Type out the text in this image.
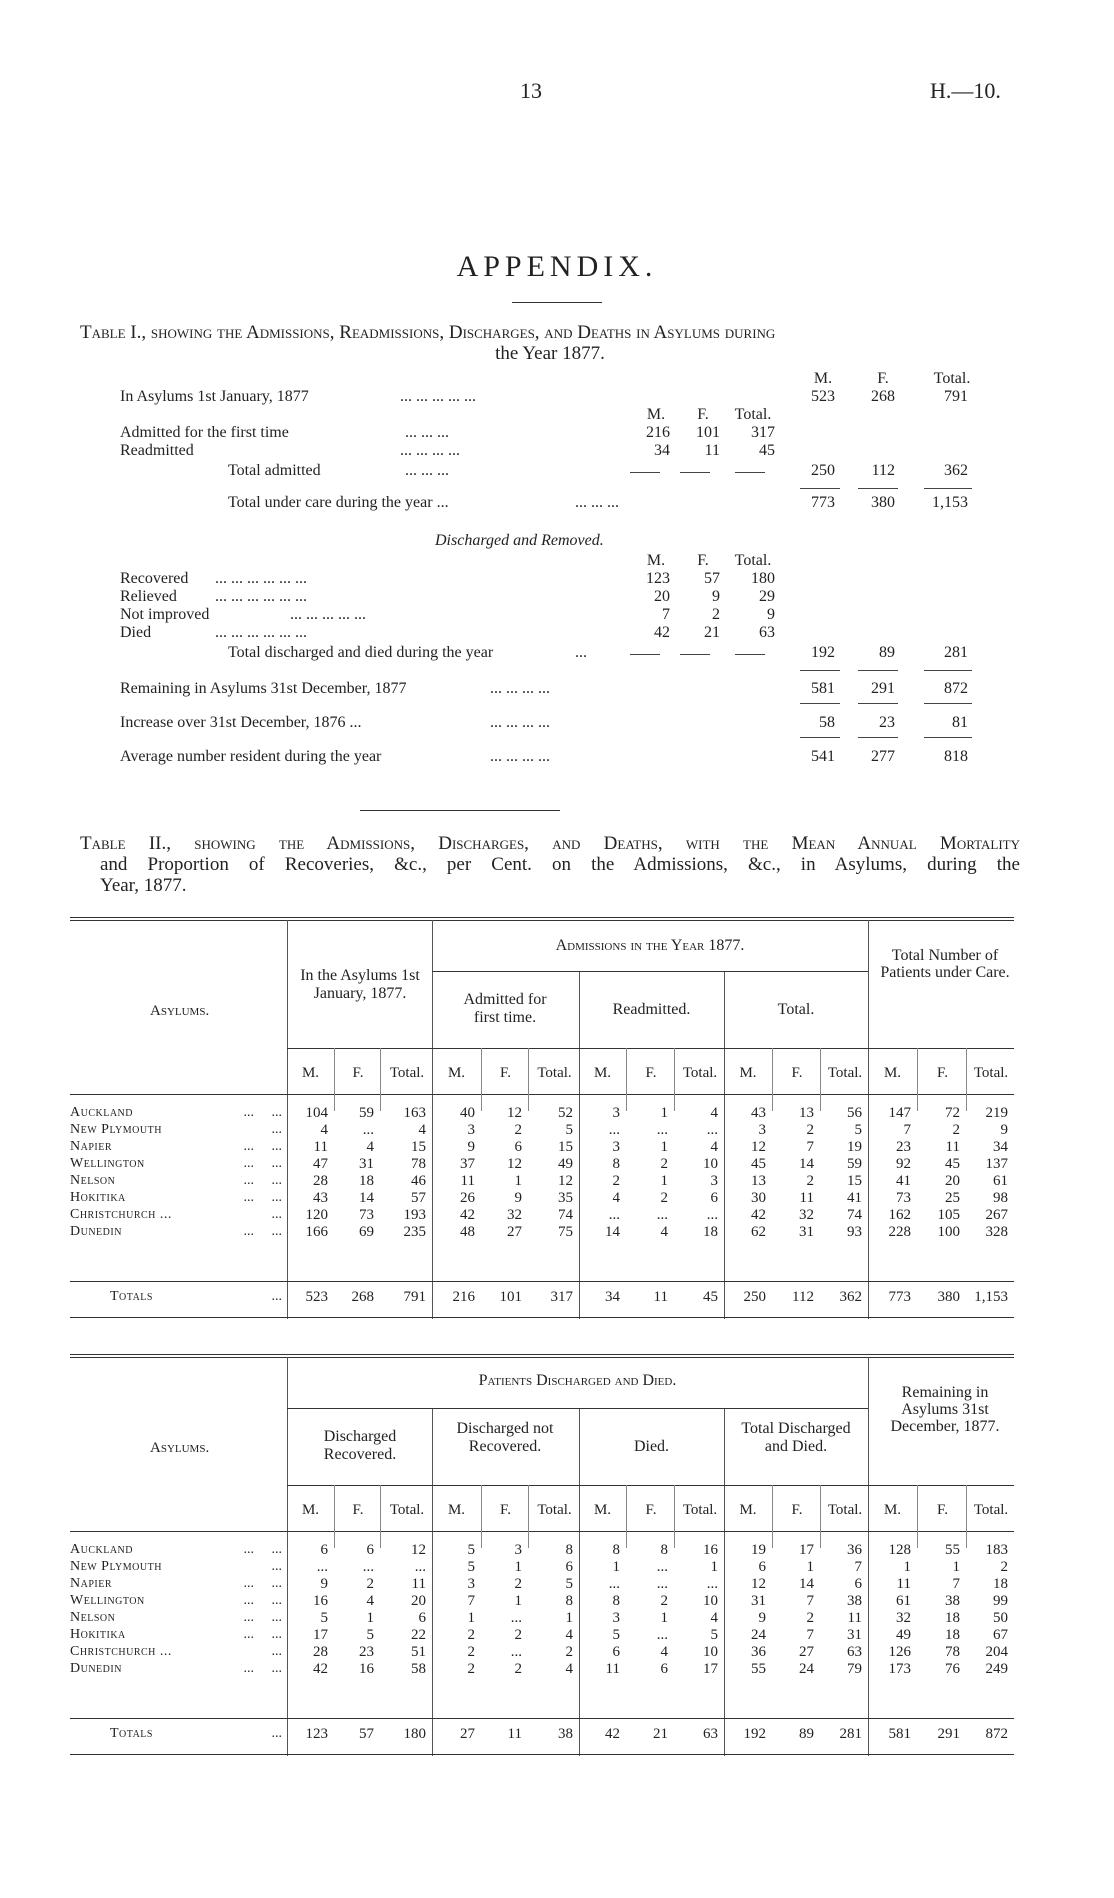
13	H.—10.
APPENDIX.
Table I., showing the Admissions, Readmissions, Discharges, and Deaths in Asylums during
the Year 1877.
M.	F.	Total.
In Asylums 1st January, 1877	... ... ... ... ...	523	268	791
M.	F.	Total.
Admitted for the first time	... ... ...	216	101	317
Readmitted	... ... ... ...	34	11	45
Total admitted	... ... ...	250	112	362
Total under care during the year ...	... ... ...	773	380	1,153
Discharged and Removed.
M.	F.	Total.
Recovered ... ... ... ... ... ...	123	57	180
Relieved ... ... ... ... ... ...	20	9	29
Not improved	... ... ... ... ...	7	2	9
Died	... ... ... ... ... ...	42	21	63
Total discharged and died during the year	...	192	89	281
Remaining in Asylums 31st December, 1877	... ... ... ...	581	291	872
Increase over 31st December, 1876 ...	... ... ... ...	58	23	81
Average number resident during the year	... ... ... ...	541	277	818
Table II., showing the Admissions, Discharges, and Deaths, with the Mean Annual Mortality
and Proportion of Recoveries, &c., per Cent. on the Admissions, &c., in Asylums, during the
Year, 1877.
Asylums.
In the Asylums 1st January, 1877.
Admissions in the Year 1877.
Admitted for first time.	Readmitted.	Total.
Total Number of Patients under Care.
M.	F.	Total.	M.	F.	Total.	M.	F.	Total.	M.	F.	Total.	M.	F.	Total.
Auckland	...     ...	104	59	163	40	12	52	3	1	4	43	13	56	147	72	219
New Plymouth	...	4	...	4	3	2	5	...	...	...	3	2	5	7	2	9
Napier	...     ...	11	4	15	9	6	15	3	1	4	12	7	19	23	11	34
Wellington	...     ...	47	31	78	37	12	49	8	2	10	45	14	59	92	45	137
Nelson	...     ...	28	18	46	11	1	12	2	1	3	13	2	15	41	20	61
Hokitika	...     ...	43	14	57	26	9	35	4	2	6	30	11	41	73	25	98
Christchurch ...	...	120	73	193	42	32	74	...	...	...	42	32	74	162	105	267
Dunedin	...     ...	166	69	235	48	27	75	14	4	18	62	31	93	228	100	328
Totals	...	523	268	791	216	101	317	34	11	45	250	112	362	773	380 1,153
Asylums.
Patients Discharged and Died.
Discharged Recovered.
Discharged not Recovered.	Died.
Total Discharged and Died.
Remaining in Asylums 31st December, 1877.
M.	F.	Total.	M.	F.	Total.	M.	F.	Total.	M.	F.	Total.	M.	F.	Total.
Auckland	...     ...	6	6	12	5	3	8	8	8	16	19	17	36	128	55	183
New Plymouth	...	...	...	...	5	1	6	1	...	1	6	1	7	1	1	2
Napier	...     ...	9	2	11	3	2	5	...	...	...	12	14	6	11	7	18
Wellington	...     ...	16	4	20	7	1	8	8	2	10	31	7	38	61	38	99
Nelson	...     ...	5	1	6	1	...	1	3	1	4	9	2	11	32	18	50
Hokitika	...     ...	17	5	22	2	2	4	5	...	5	24	7	31	49	18	67
Christchurch ...	...	28	23	51	2	...	2	6	4	10	36	27	63	126	78	204
Dunedin	...     ...	42	16	58	2	2	4	11	6	17	55	24	79	173	76	249
Totals	...	123	57	180	27	11	38	42	21	63	192	89	281	581	291	872
